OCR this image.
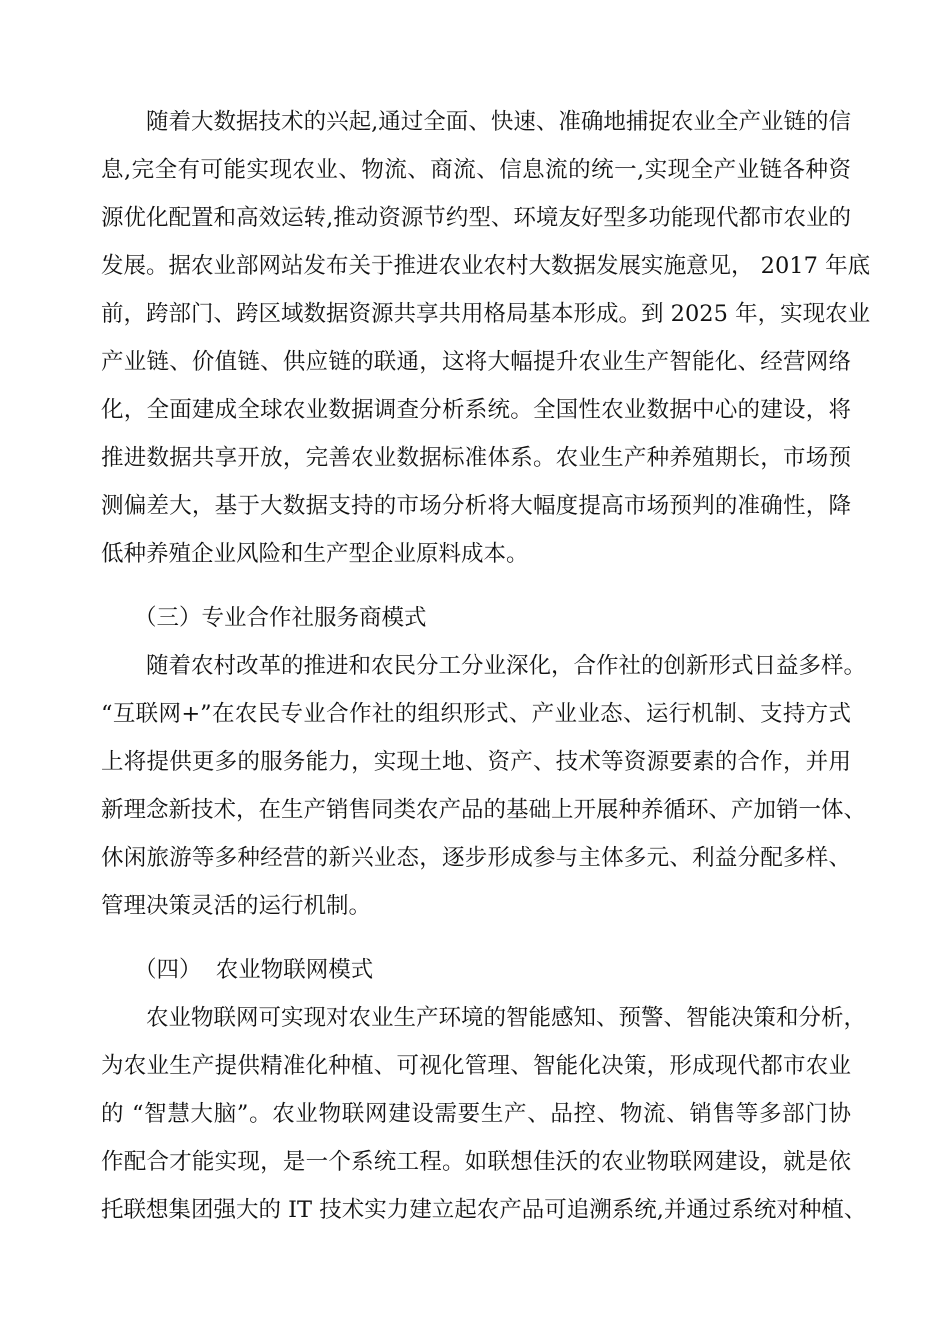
随着大数据技术的兴起,通过全面、快速、准确地捕捉农业全产业链的信
息,完全有可能实现农业、物流、商流、信息流的统一,实现全产业链各种资
源优化配置和高效运转,推动资源节约型、环境友好型多功能现代都市农业的
发展。据农业部网站发布关于推进农业农村大数据发展实施意见， 2017 年底
前，跨部门、跨区域数据资源共享共用格局基本形成。到 2025 年，实现农业
产业链、价值链、供应链的联通，这将大幅提升农业生产智能化、经营网络
化，全面建成全球农业数据调查分析系统。全国性农业数据中心的建设，将
推进数据共享开放，完善农业数据标准体系。农业生产种养殖期长，市场预
测偏差大，基于大数据支持的市场分析将大幅度提高市场预判的准确性，降
低种养殖企业风险和生产型企业原料成本。
（三）专业合作社服务商模式
随着农村改革的推进和农民分工分业深化，合作社的创新形式日益多样。
“互联网+”在农民专业合作社的组织形式、产业业态、运行机制、支持方式
上将提供更多的服务能力，实现土地、资产、技术等资源要素的合作，并用
新理念新技术，在生产销售同类农产品的基础上开展种养循环、产加销一体、
休闲旅游等多种经营的新兴业态，逐步形成参与主体多元、利益分配多样、
管理决策灵活的运行机制。
（四）  农业物联网模式
农业物联网可实现对农业生产环境的智能感知、预警、智能决策和分析，
为农业生产提供精准化种植、可视化管理、智能化决策，形成现代都市农业
的 “智慧大脑”。农业物联网建设需要生产、品控、物流、销售等多部门协
作配合才能实现，是一个系统工程。如联想佳沃的农业物联网建设，就是依
托联想集团强大的 IT 技术实力建立起农产品可追溯系统,并通过系统对种植、
